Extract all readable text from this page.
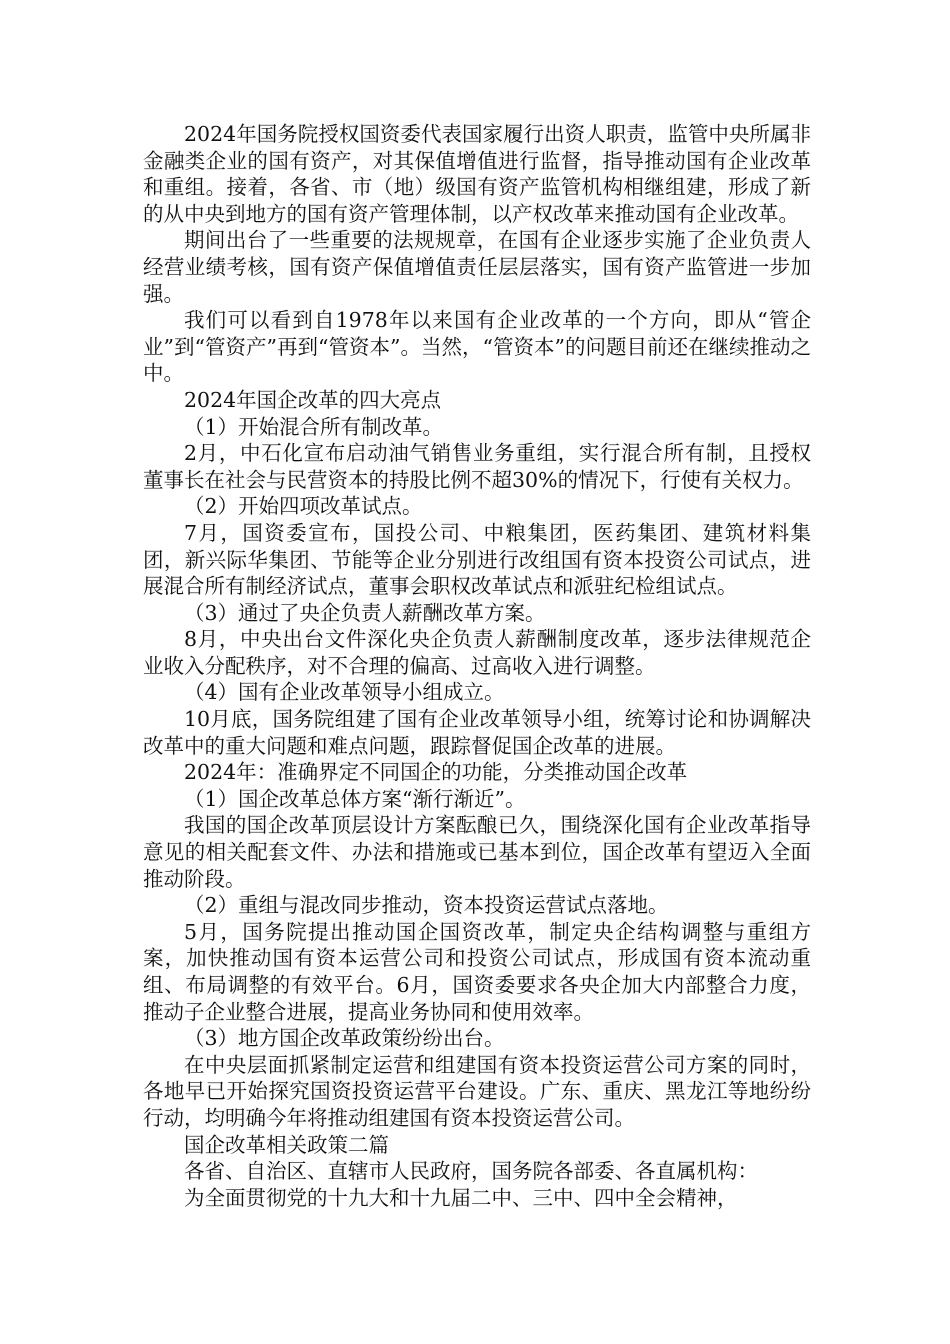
2024年国务院授权国资委代表国家履行出资人职责，监管中央所属非金融类企业的国有资产，对其保值增值进行监督，指导推动国有企业改革和重组。接着，各省、市（地）级国有资产监管机构相继组建，形成了新的从中央到地方的国有资产管理体制，以产权改革来推动国有企业改革。

期间出台了一些重要的法规规章，在国有企业逐步实施了企业负责人经营业绩考核，国有资产保值增值责任层层落实，国有资产监管进一步加强。

我们可以看到自1978年以来国有企业改革的一个方向，即从“管企业”到“管资产”再到“管资本”。当然，“管资本”的问题目前还在继续推动之中。

2024年国企改革的四大亮点

（1）开始混合所有制改革。

2月，中石化宣布启动油气销售业务重组，实行混合所有制，且授权董事长在社会与民营资本的持股比例不超30%的情况下，行使有关权力。

（2）开始四项改革试点。

7月，国资委宣布，国投公司、中粮集团，医药集团、建筑材料集团，新兴际华集团、节能等企业分别进行改组国有资本投资公司试点，进展混合所有制经济试点，董事会职权改革试点和派驻纪检组试点。

（3）通过了央企负责人薪酬改革方案。

8月，中央出台文件深化央企负责人薪酬制度改革，逐步法律规范企业收入分配秩序，对不合理的偏高、过高收入进行调整。

（4）国有企业改革领导小组成立。

10月底，国务院组建了国有企业改革领导小组，统筹讨论和协调解决改革中的重大问题和难点问题，跟踪督促国企改革的进展。

2024年：准确界定不同国企的功能，分类推动国企改革

（1）国企改革总体方案“渐行渐近”。

我国的国企改革顶层设计方案酝酿已久，围绕深化国有企业改革指导意见的相关配套文件、办法和措施或已基本到位，国企改革有望迈入全面推动阶段。

（2）重组与混改同步推动，资本投资运营试点落地。

5月，国务院提出推动国企国资改革，制定央企结构调整与重组方案，加快推动国有资本运营公司和投资公司试点，形成国有资本流动重组、布局调整的有效平台。6月，国资委要求各央企加大内部整合力度，推动子企业整合进展，提高业务协同和使用效率。

（3）地方国企改革政策纷纷出台。

在中央层面抓紧制定运营和组建国有资本投资运营公司方案的同时，各地早已开始探究国资投资运营平台建设。广东、重庆、黑龙江等地纷纷行动，均明确今年将推动组建国有资本投资运营公司。

国企改革相关政策二篇

各省、自治区、直辖市人民政府，国务院各部委、各直属机构：

为全面贯彻党的十九大和十九届二中、三中、四中全会精神，
